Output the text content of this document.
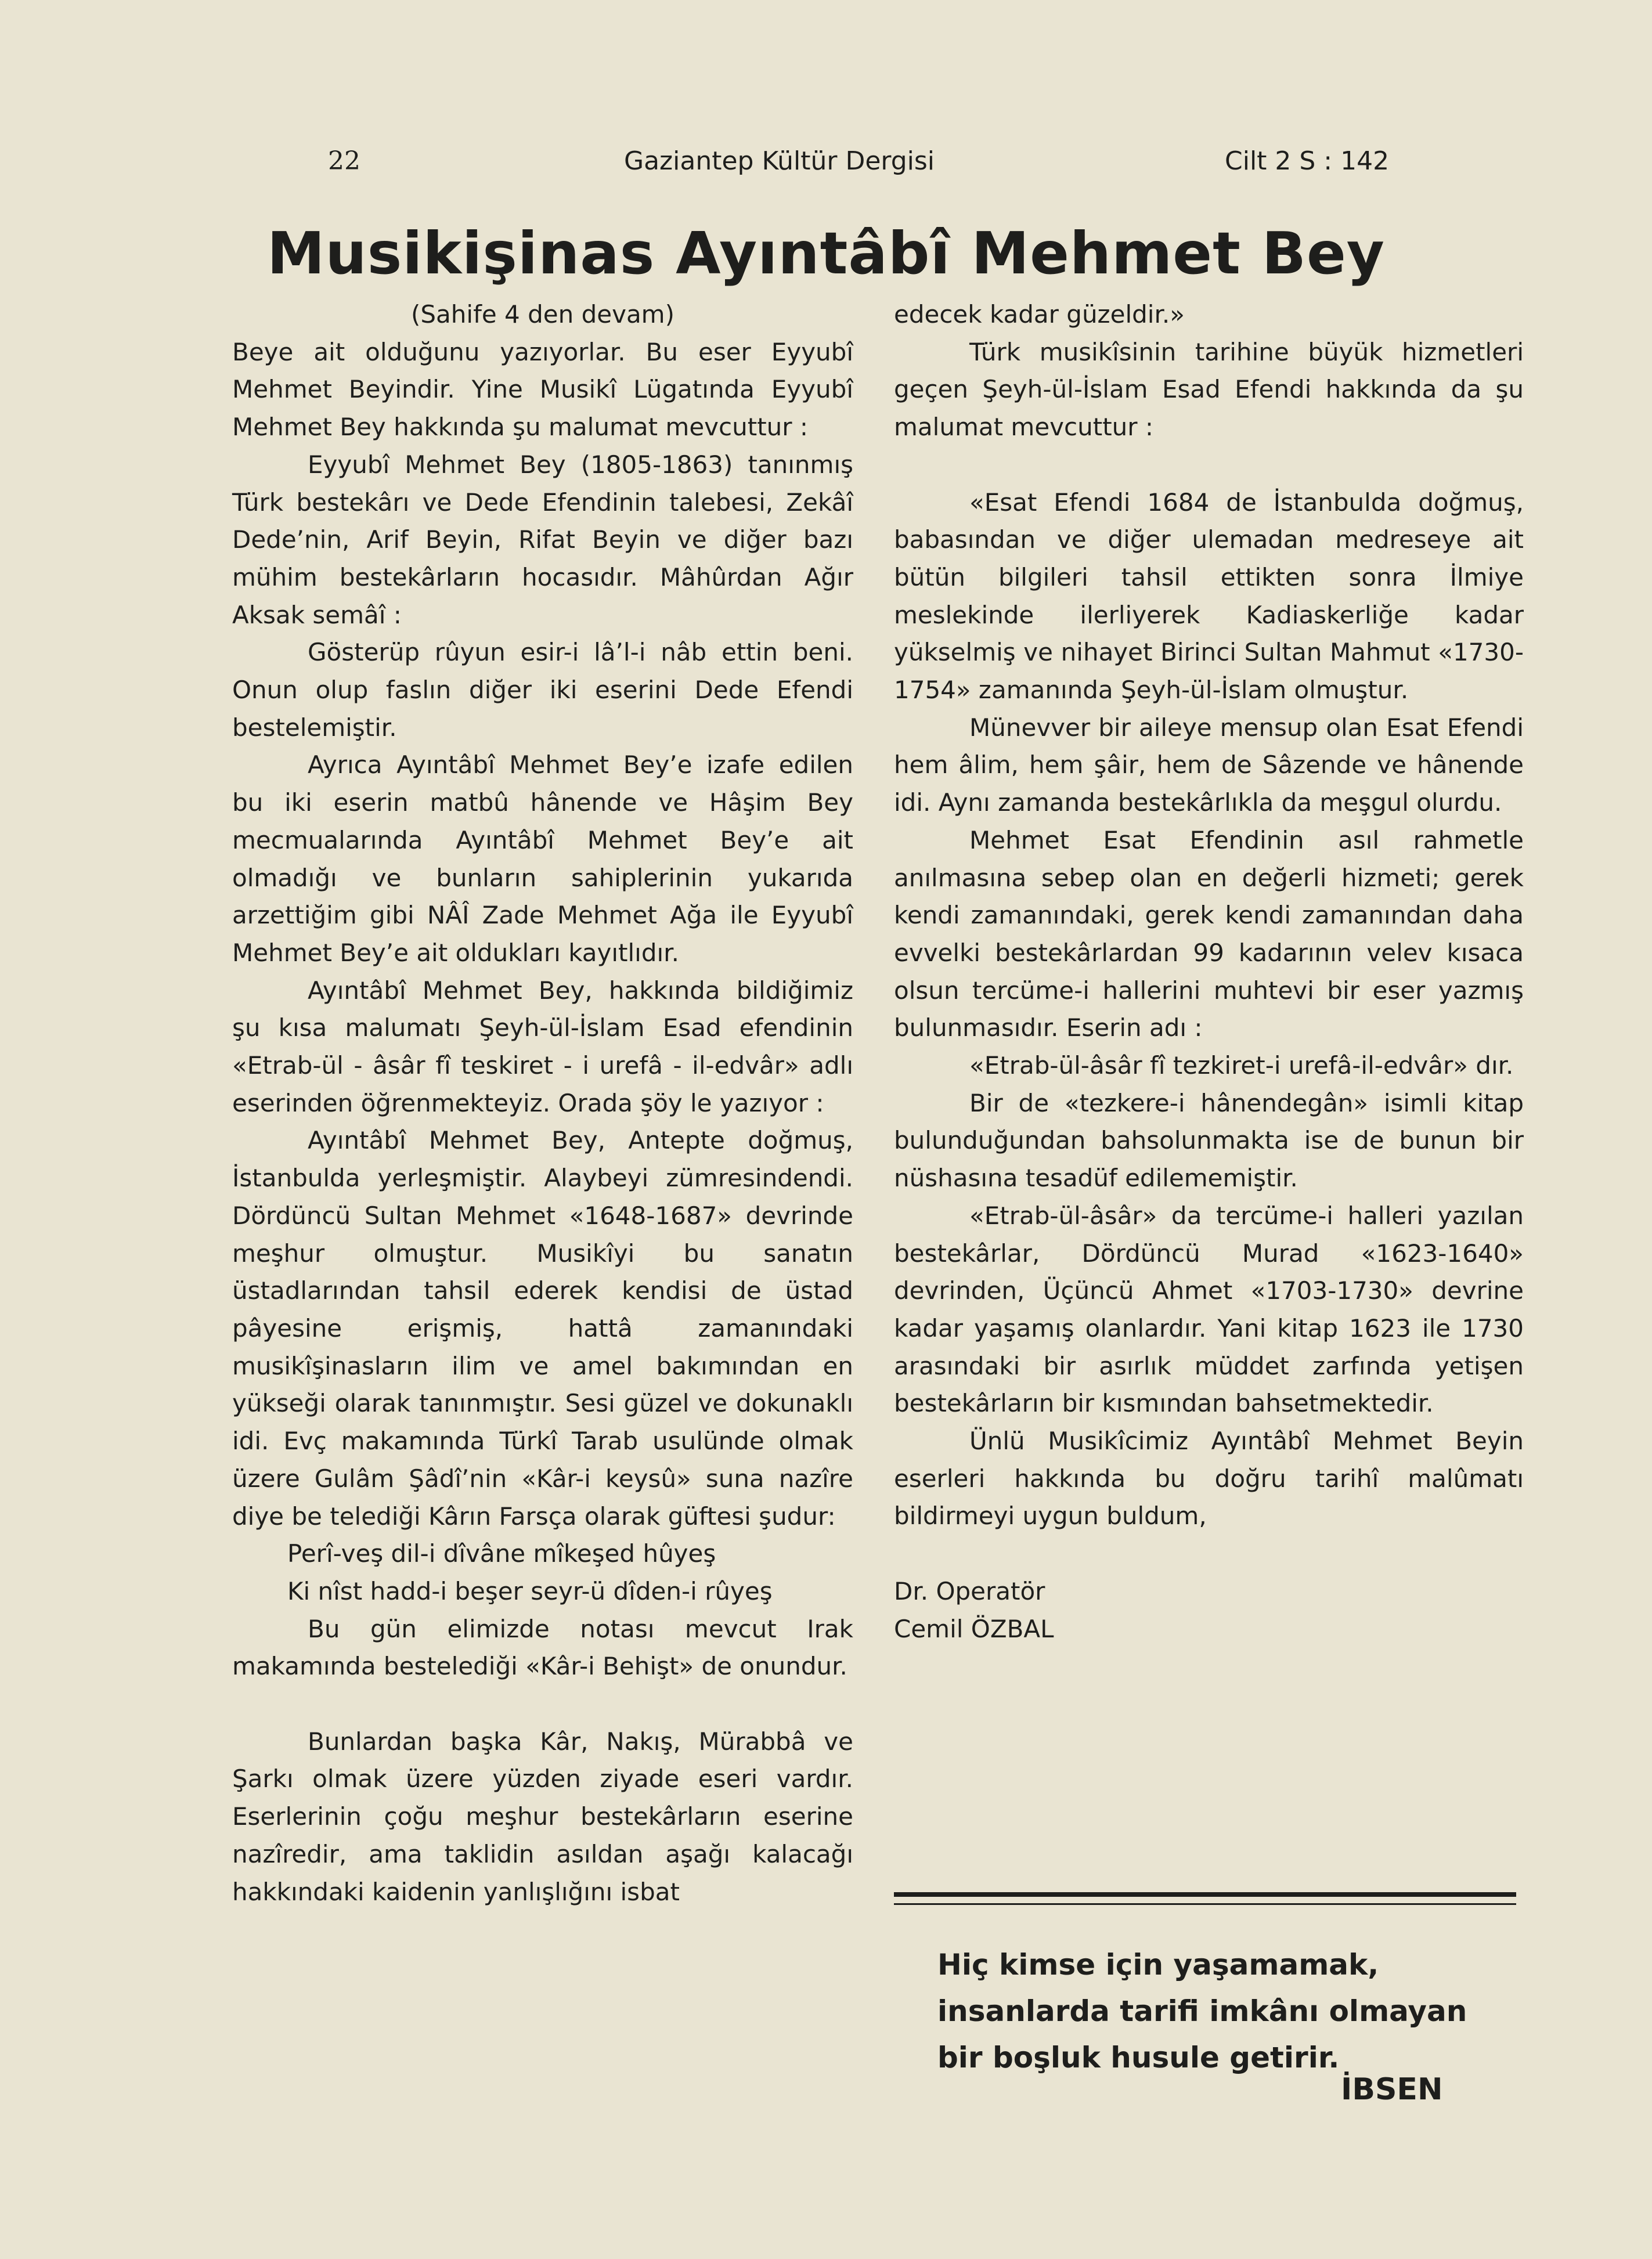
22	Gaziantep Kültür Dergisi	Cilt 2 S : 142
Musikişinas Ayıntâbî Mehmet Bey

(Sahife 4 den devam)

Beye ait olduğunu yazıyorlar. Bu eser Eyyubî Mehmet Beyindir. Yine Musikî Lügatında Eyyubî Mehmet Bey hakkında şu malumat mevcuttur :

Eyyubî Mehmet Bey (1805-1863) tanınmış Türk bestekârı ve Dede Efendinin talebesi, Zekâî Dede’nin, Arif Beyin, Rifat Beyin ve diğer bazı mühim bestekârların hocasıdır. Mâhûrdan Ağır Aksak semâî :

Gösterüp rûyun esir-i lâ’l-i nâb ettin beni. Onun olup faslın diğer iki eserini Dede Efendi bestelemiştir.

Ayrıca Ayıntâbî Mehmet Bey’e izafe edilen bu iki eserin matbû hânende ve Hâşim Bey mecmualarında Ayıntâbî Mehmet Bey’e ait olmadığı ve bunların sahiplerinin yukarıda arzettiğim gibi NÂÎ Zade Mehmet Ağa ile Eyyubî Mehmet Bey’e ait oldukları kayıtlıdır.

Ayıntâbî Mehmet Bey, hakkında bildiğimiz şu kısa malumatı Şeyh-ül-İslam Esad efendinin «Etrab-ül - âsâr fî teskiret - i urefâ - il-edvâr» adlı eserinden öğrenmekteyiz. Orada şöy le yazıyor :

Ayıntâbî Mehmet Bey, Antepte doğmuş, İstanbulda yerleşmiştir. Alaybeyi zümresindendi. Dördüncü Sultan Mehmet «1648-1687» devrinde meşhur olmuştur. Musikîyi bu sanatın üstadlarından tahsil ederek kendisi de üstad pâyesine erişmiş, hattâ zamanındaki musikîşinasların ilim ve amel bakımından en yükseği olarak tanınmıştır. Sesi güzel ve dokunaklı idi. Evç makamında Türkî Tarab usulünde olmak üzere Gulâm Şâdî’nin «Kâr-i keysû» suna nazîre diye be telediği Kârın Farsça olarak güftesi şudur:

Perî-veş dil-i dîvâne mîkeşed hûyeş

Ki nîst hadd-i beşer seyr-ü dîden-i rûyeş

Bu gün elimizde notası mevcut Irak makamında bestelediği «Kâr-i Behişt» de onundur.

Bunlardan başka Kâr, Nakış, Mürabbâ ve Şarkı olmak üzere yüzden ziyade eseri vardır. Eserlerinin çoğu meşhur bestekârların eserine nazîredir, ama taklidin asıldan aşağı kalacağı hakkındaki kaidenin yanlışlığını isbat

edecek kadar güzeldir.»

Türk musikîsinin tarihine büyük hizmetleri geçen Şeyh-ül-İslam Esad Efendi hakkında da şu malumat mevcuttur :

«Esat Efendi 1684 de İstanbulda doğmuş, babasından ve diğer ulemadan medreseye ait bütün bilgileri tahsil ettikten sonra İlmiye meslekinde ilerliyerek Kadiaskerliğe kadar yükselmiş ve nihayet Birinci Sultan Mahmut «1730-1754» zamanında Şeyh-ül-İslam olmuştur.

Münevver bir aileye mensup olan Esat Efendi hem âlim, hem şâir, hem de Sâzende ve hânende idi. Aynı zamanda bestekârlıkla da meşgul olurdu.

Mehmet Esat Efendinin asıl rahmetle anılmasına sebep olan en değerli hizmeti; gerek kendi zamanındaki, gerek kendi zamanından daha evvelki bestekârlardan 99 kadarının velev kısaca olsun tercüme-i hallerini muhtevi bir eser yazmış bulunmasıdır. Eserin adı :

«Etrab-ül-âsâr fî tezkiret-i urefâ-il-edvâr» dır.

Bir de «tezkere-i hânendegân» isimli kitap bulunduğundan bahsolunmakta ise de bunun bir nüshasına tesadüf edilememiştir.

«Etrab-ül-âsâr» da tercüme-i halleri yazılan bestekârlar, Dördüncü Murad «1623-1640» devrinden, Üçüncü Ahmet «1703-1730» devrine kadar yaşamış olanlardır. Yani kitap 1623 ile 1730 arasındaki bir asırlık müddet zarfında yetişen bestekârların bir kısmından bahsetmektedir.

Ünlü Musikîcimiz Ayıntâbî Mehmet Beyin eserleri hakkında bu doğru tarihî malûmatı bildirmeyi uygun buldum,

Dr. Operatör

Cemil ÖZBAL

Hiç kimse için yaşamamak, insanlarda tarifi imkânı olmayan bir boşluk husule getirir.

İBSEN
